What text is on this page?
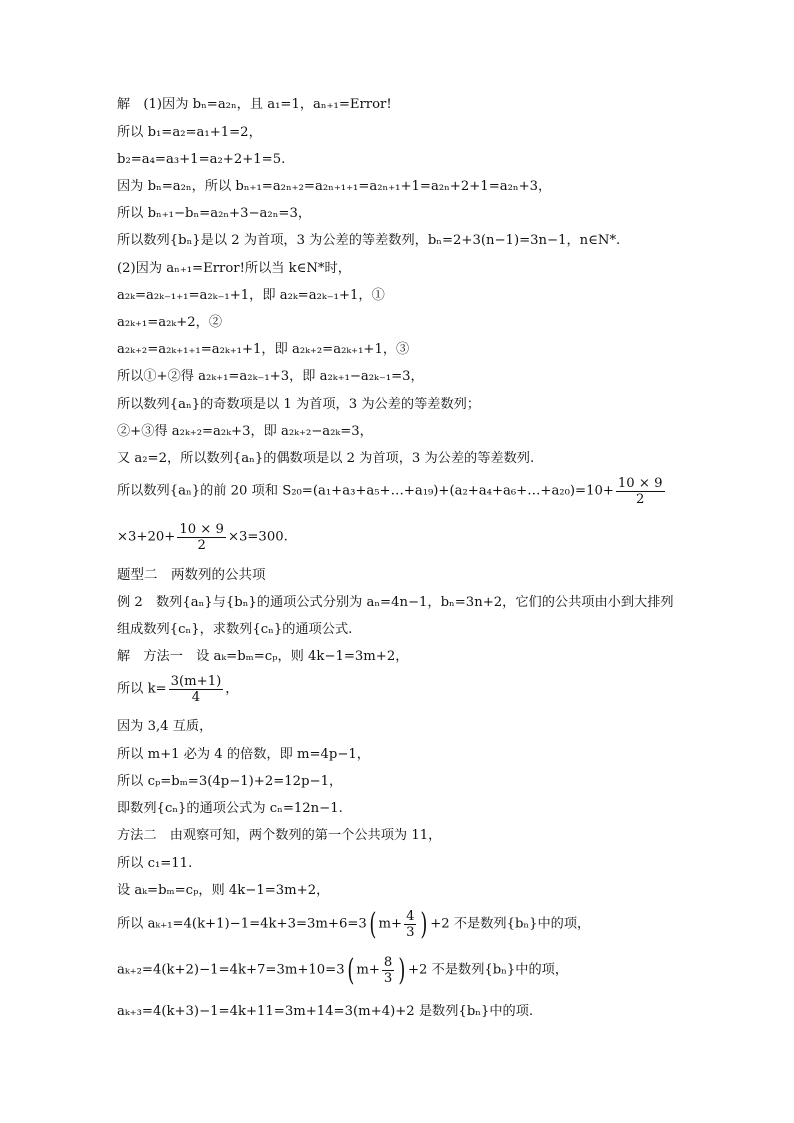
解　(1)因为 bₙ=a₂ₙ，且 a₁=1，aₙ₊₁=Error!
所以 b₁=a₂=a₁+1=2，
b₂=a₄=a₃+1=a₂+2+1=5.
因为 bₙ=a₂ₙ，所以 bₙ₊₁=a₂ₙ₊₂=a₂ₙ₊₁₊₁=a₂ₙ₊₁+1=a₂ₙ+2+1=a₂ₙ+3，
所以 bₙ₊₁−bₙ=a₂ₙ+3−a₂ₙ=3，
所以数列{bₙ}是以 2 为首项，3 为公差的等差数列，bₙ=2+3(n−1)=3n−1，n∈N*.
(2)因为 aₙ₊₁=Error!所以当 k∈N*时，
a₂ₖ=a₂ₖ₋₁₊₁=a₂ₖ₋₁+1，即 a₂ₖ=a₂ₖ₋₁+1，①
a₂ₖ₊₁=a₂ₖ+2，②
a₂ₖ₊₂=a₂ₖ₊₁₊₁=a₂ₖ₊₁+1，即 a₂ₖ₊₂=a₂ₖ₊₁+1，③
所以①+②得 a₂ₖ₊₁=a₂ₖ₋₁+3，即 a₂ₖ₊₁−a₂ₖ₋₁=3，
所以数列{aₙ}的奇数项是以 1 为首项，3 为公差的等差数列；
②+③得 a₂ₖ₊₂=a₂ₖ+3，即 a₂ₖ₊₂−a₂ₖ=3，
又 a₂=2，所以数列{aₙ}的偶数项是以 2 为首项，3 为公差的等差数列.
所以数列{aₙ}的前 20 项和 S₂₀=(a₁+a₃+a₅+…+a₁₉)+(a₂+a₄+a₆+…+a₂₀)=10+ $\frac{10 \times 9}{2}$
$\times 3+20+ \frac{10 \times 9}{2} \times 3=300$.
题型二　两数列的公共项
例 2　数列{aₙ}与{bₙ}的通项公式分别为 aₙ=4n−1，bₙ=3n+2，它们的公共项由小到大排列
组成数列{cₙ}，求数列{cₙ}的通项公式.
解　方法一　设 aₖ=bₘ=cₚ，则 4k−1=3m+2，
所以 $k= \frac{3(m+1)}{4}$ ，
因为 3,4 互质，
所以 m+1 必为 4 的倍数，即 m=4p−1，
所以 cₚ=bₘ=3(4p−1)+2=12p−1，
即数列{cₙ}的通项公式为 cₙ=12n−1.
方法二　由观察可知，两个数列的第一个公共项为 11，
所以 c₁=11.
设 aₖ=bₘ=cₚ，则 4k−1=3m+2，
所以 aₖ₊₁=4(k+1)−1=4k+3=3m+6=3( $m+ \frac{4}{3}$ ) +2 不是数列{bₙ}中的项，
aₖ₊₂=4(k+2)−1=4k+7=3m+10=3( $m+ \frac{8}{3}$ ) +2 不是数列{bₙ}中的项，
aₖ₊₃=4(k+3)−1=4k+11=3m+14=3(m+4)+2 是数列{bₙ}中的项.
